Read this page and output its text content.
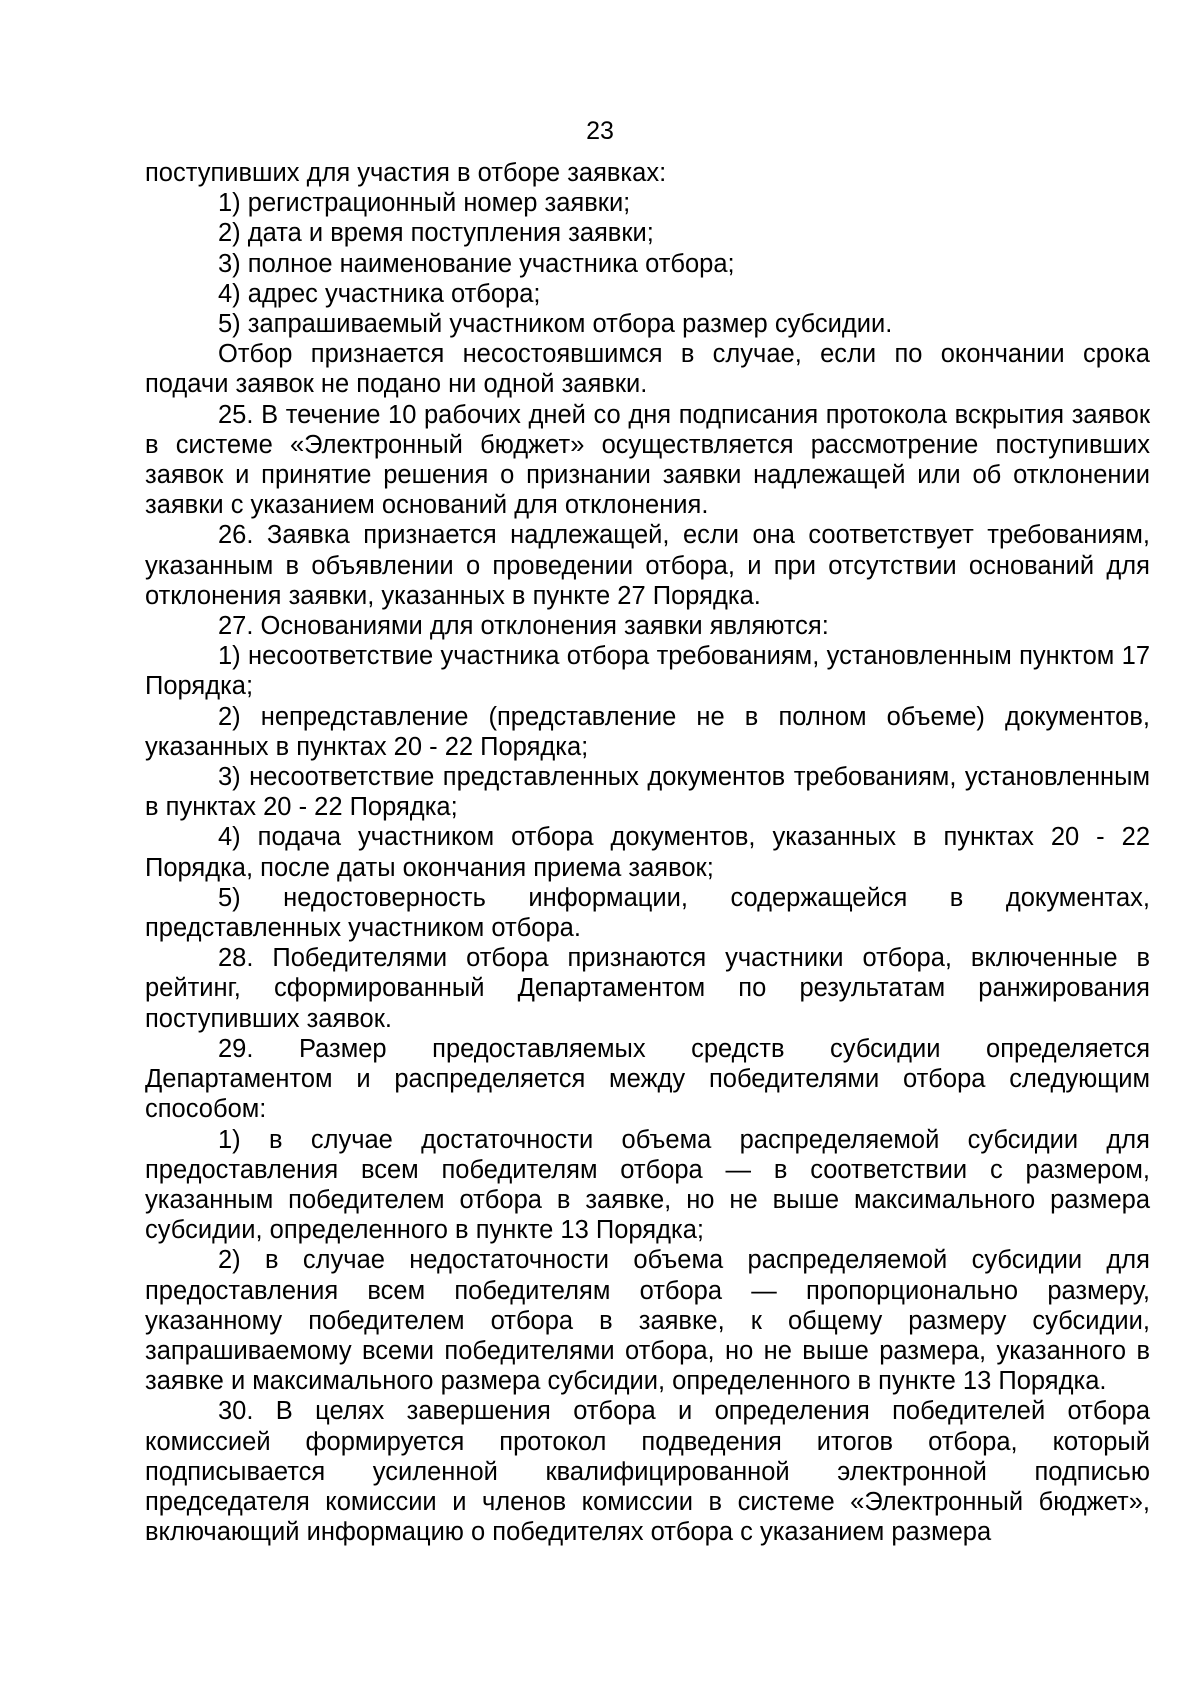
23

поступивших для участия в отборе заявках:

1) регистрационный номер заявки;

2) дата и время поступления заявки;

3) полное наименование участника отбора;

4) адрес участника отбора;

5) запрашиваемый участником отбора размер субсидии.

Отбор признается несостоявшимся в случае, если по окончании срока подачи заявок не подано ни одной заявки.

25. В течение 10 рабочих дней со дня подписания протокола вскрытия заявок в системе «Электронный бюджет» осуществляется рассмотрение поступивших заявок и принятие решения о признании заявки надлежащей или об отклонении заявки с указанием оснований для отклонения.

26. Заявка признается надлежащей, если она соответствует требованиям, указанным в объявлении о проведении отбора, и при отсутствии оснований для отклонения заявки, указанных в пункте 27 Порядка.

27. Основаниями для отклонения заявки являются:

1) несоответствие участника отбора требованиям, установленным пунктом 17 Порядка;

2) непредставление (представление не в полном объеме) документов, указанных в пунктах 20 - 22 Порядка;

3) несоответствие представленных документов требованиям, установленным в пунктах 20 - 22 Порядка;

4) подача участником отбора документов, указанных в пунктах 20 - 22 Порядка, после даты окончания приема заявок;

5) недостоверность информации, содержащейся в документах, представленных участником отбора.

28. Победителями отбора признаются участники отбора, включенные в рейтинг, сформированный Департаментом по результатам ранжирования поступивших заявок.

29. Размер предоставляемых средств субсидии определяется Департаментом и распределяется между победителями отбора следующим способом:

1) в случае достаточности объема распределяемой субсидии для предоставления всем победителям отбора — в соответствии с размером, указанным победителем отбора в заявке, но не выше максимального размера субсидии, определенного в пункте 13 Порядка;

2) в случае недостаточности объема распределяемой субсидии для предоставления всем победителям отбора — пропорционально размеру, указанному победителем отбора в заявке, к общему размеру субсидии, запрашиваемому всеми победителями отбора, но не выше размера, указанного в заявке и максимального размера субсидии, определенного в пункте 13 Порядка.

30. В целях завершения отбора и определения победителей отбора комиссией формируется протокол подведения итогов отбора, который подписывается усиленной квалифицированной электронной подписью председателя комиссии и членов комиссии в системе «Электронный бюджет», включающий информацию о победителях отбора с указанием размера
